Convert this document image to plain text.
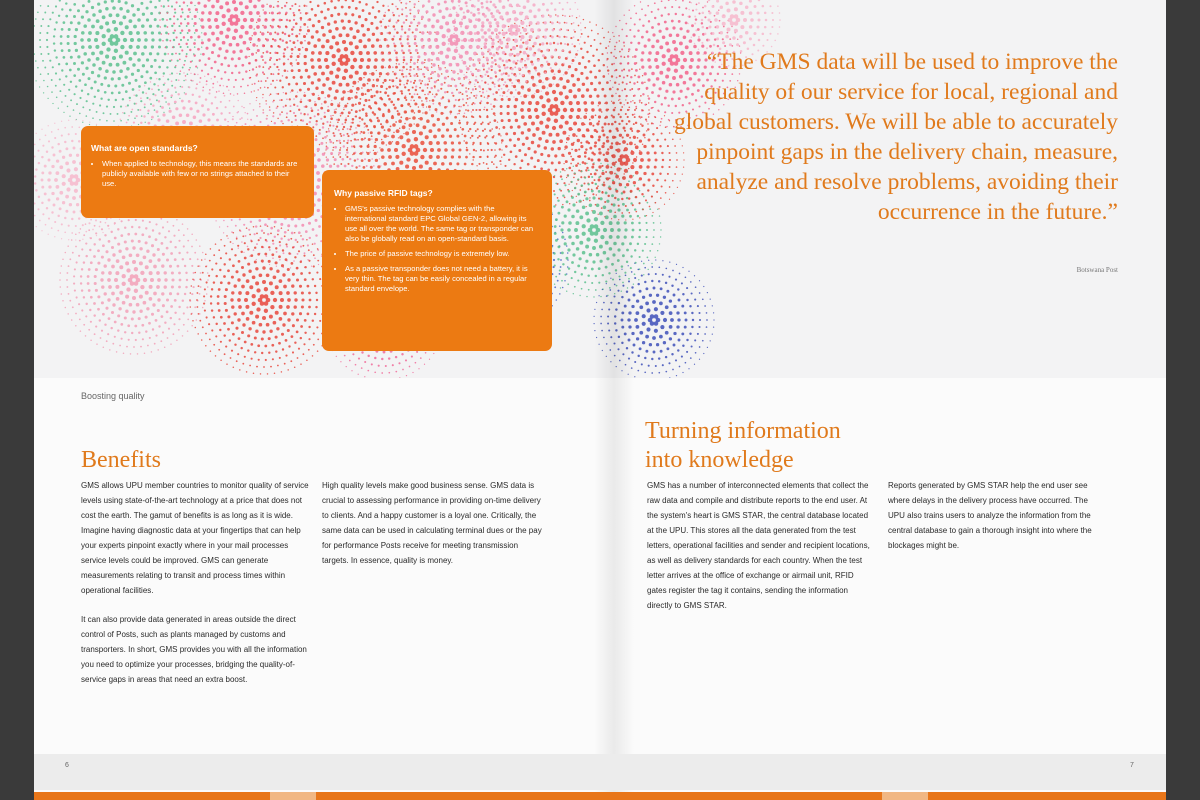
What are open standards?
• When applied to technology, this means the standards are publicly available with few or no strings attached to their use.
Why passive RFID tags?
• GMS's passive technology complies with the international standard EPC Global GEN-2, allowing its use all over the world. The same tag or transponder can also be globally read on an open-standard basis.
• The price of passive technology is extremely low.
• As a passive transponder does not need a battery, it is very thin. The tag can be easily concealed in a regular standard envelope.
“The GMS data will be used to improve the quality of our service for local, regional and global customers. We will be able to accurately pinpoint gaps in the delivery chain, measure, analyze and resolve problems, avoiding their occurrence in the future.”
Botswana Post
Boosting quality
Benefits

GMS allows UPU member countries to monitor quality of service levels using state-of-the-art technology at a price that does not cost the earth. The gamut of benefits is as long as it is wide. Imagine having diagnostic data at your fingertips that can help your experts pinpoint exactly where in your mail processes service levels could be improved. GMS can generate measurements relating to transit and process times within operational facilities.

It can also provide data generated in areas outside the direct control of Posts, such as plants managed by customs and transporters. In short, GMS provides you with all the information you need to optimize your processes, bridging the quality-of-service gaps in areas that need an extra boost.

High quality levels make good business sense. GMS data is crucial to assessing performance in providing on-time delivery to clients. And a happy customer is a loyal one. Critically, the same data can be used in calculating terminal dues or the pay for performance Posts receive for meeting transmission targets. In essence, quality is money.

Turning information
into knowledge

GMS has a number of interconnected elements that collect the raw data and compile and distribute reports to the end user. At the system's heart is GMS STAR, the central database located at the UPU. This stores all the data generated from the test letters, operational facilities and sender and recipient locations, as well as delivery standards for each country. When the test letter arrives at the office of exchange or airmail unit, RFID gates register the tag it contains, sending the information directly to GMS STAR.

Reports generated by GMS STAR help the end user see where delays in the delivery process have occurred. The UPU also trains users to analyze the information from the central database to gain a thorough insight into where the blockages might be.

6	7
